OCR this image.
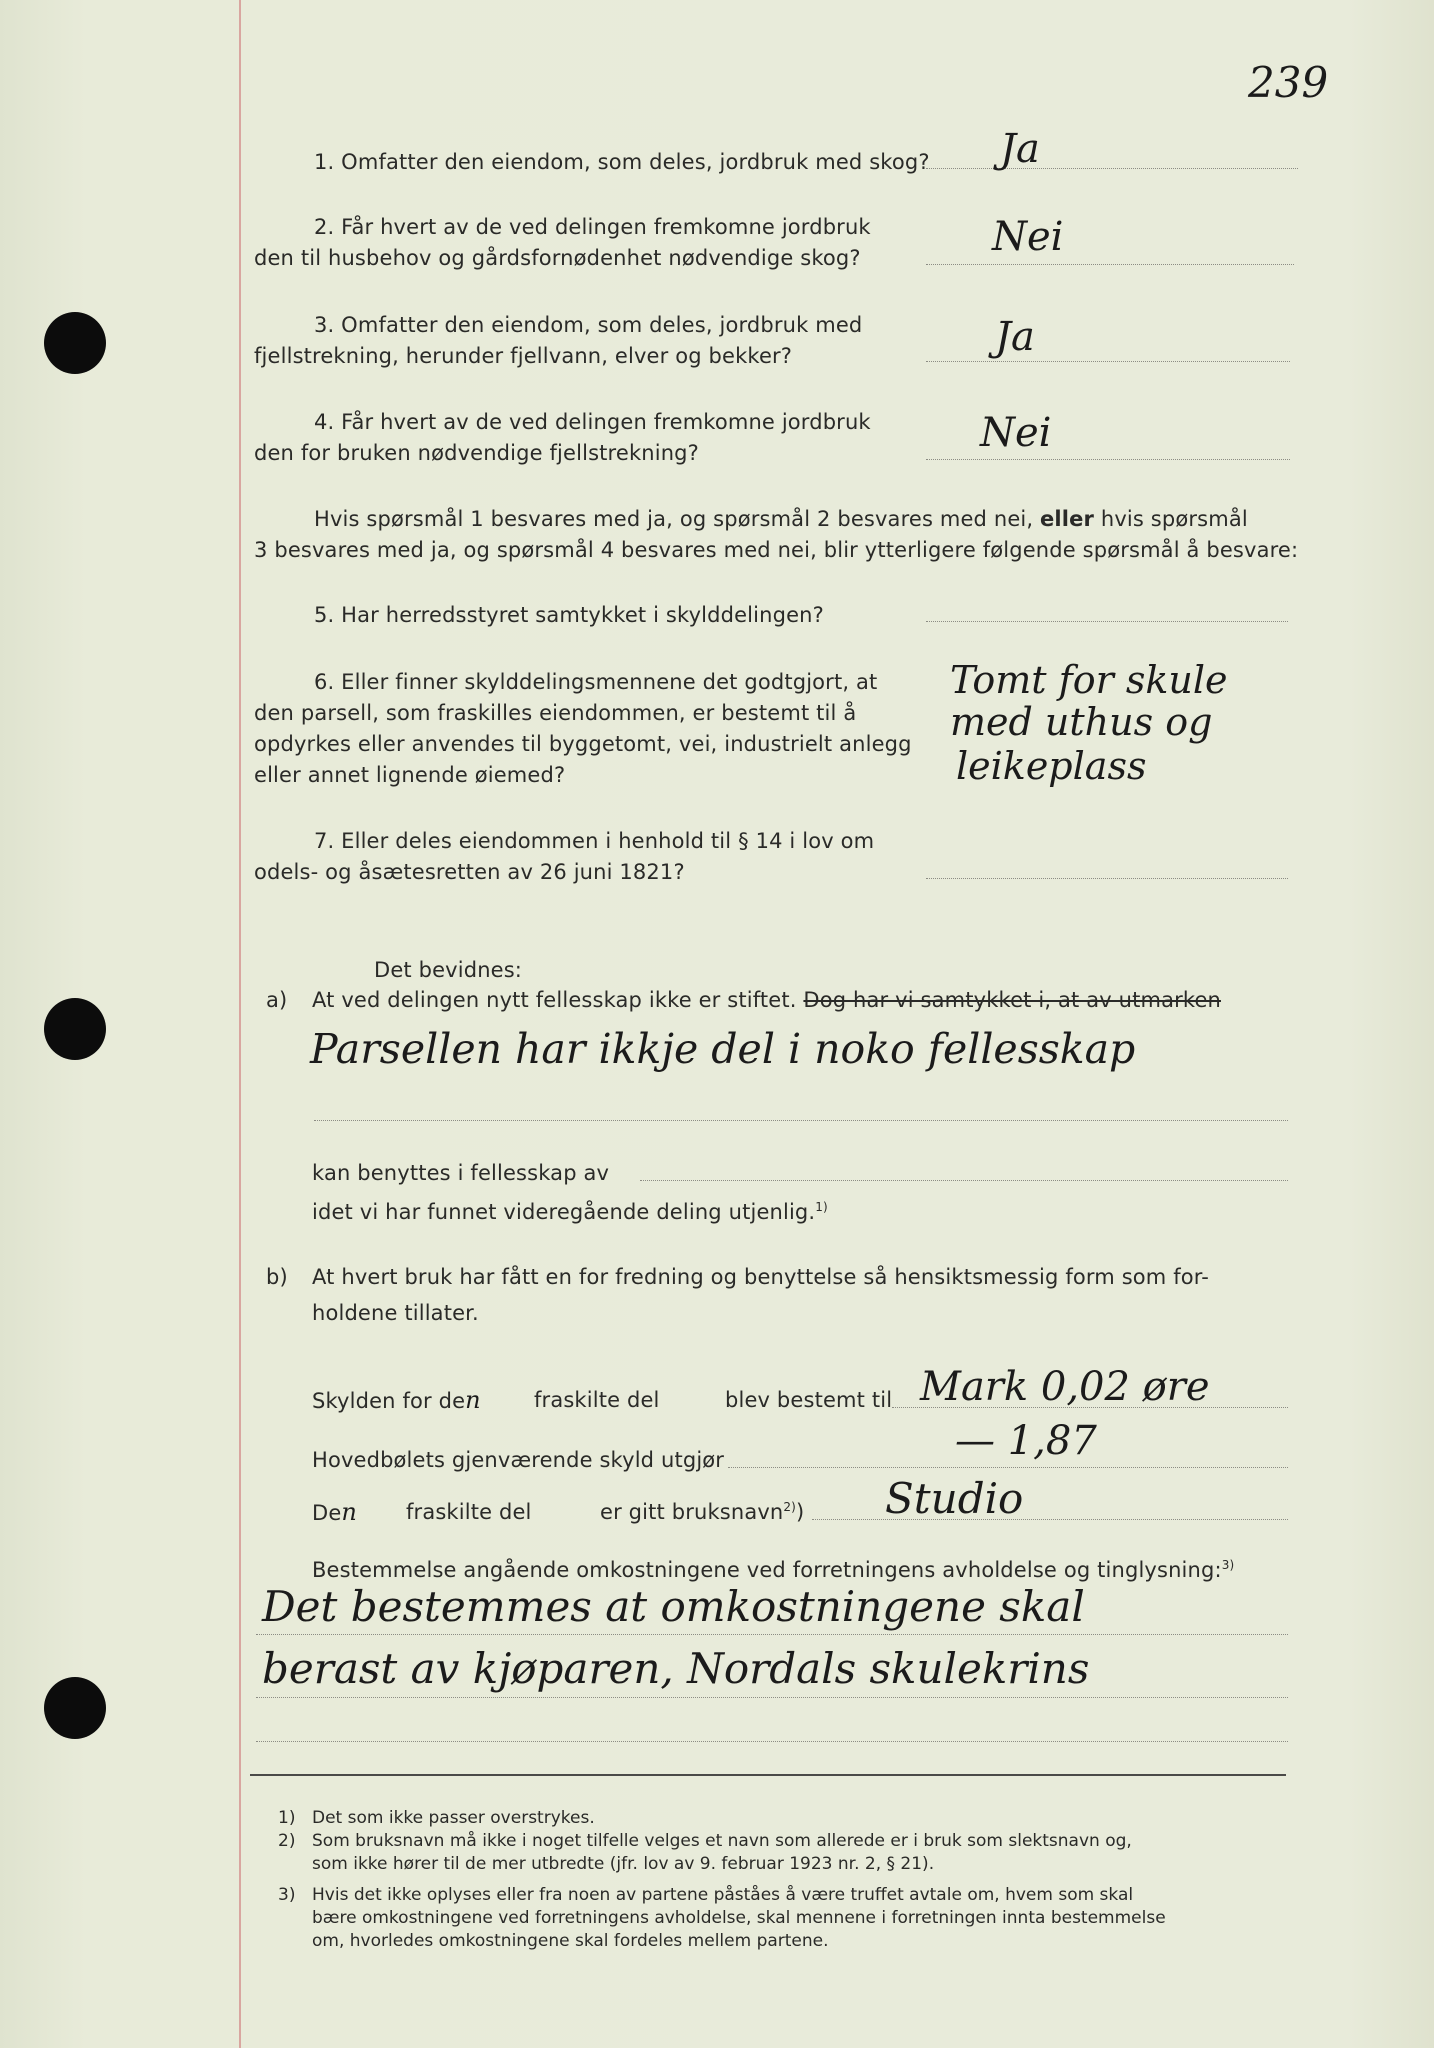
239
1. Omfatter den eiendom, som deles, jordbruk med skog? Ja
2. Får hvert av de ved delingen fremkomne jordbruk
den til husbehov og gårdsfornødenhet nødvendige skog?	Nei
3. Omfatter den eiendom, som deles, jordbruk med
fjellstrekning, herunder fjellvann, elver og bekker?	Ja
4. Får hvert av de ved delingen fremkomne jordbruk
den for bruken nødvendige fjellstrekning?	Nei
Hvis spørsmål 1 besvares med ja, og spørsmål 2 besvares med nei, eller hvis spørsmål
3 besvares med ja, og spørsmål 4 besvares med nei, blir ytterligere følgende spørsmål å besvare:
5. Har herredsstyret samtykket i skylddelingen?
6. Eller finner skylddelingsmennene det godtgjort, at
den parsell, som fraskilles eiendommen, er bestemt til å
opdyrkes eller anvendes til byggetomt, vei, industrielt anlegg
eller annet lignende øiemed?
Tomt for skule
med uthus og
leikeplass
7. Eller deles eiendommen i henhold til § 14 i lov om
odels- og åsætesretten av 26 juni 1821?
Det bevidnes:
a) At ved delingen nytt fellesskap ikke er stiftet. Dog har vi samtykket i, at av utmarken
Parsellen har ikkje del i noko fellesskap
kan benyttes i fellesskap av
idet vi har funnet videregående deling utjenlig.$^{1)}$
b) At hvert bruk har fått en for fredning og benyttelse så hensiktsmessig form som for-
holdene tillater.
Skylden for den	fraskilte del	blev bestemt til Mark 0,02 øre
Hovedbølets gjenværende skyld utgjør	— 1,87
Den fraskilte del	er gitt bruksnavn$^{2)}$) Studio
Bestemmelse angående omkostningene ved forretningens avholdelse og tinglysning:$^{3)}$
Det bestemmes at omkostningene skal
berast av kjøparen, Nordals skulekrins
1) Det som ikke passer overstrykes.
2) Som bruksnavn må ikke i noget tilfelle velges et navn som allerede er i bruk som slektsnavn og,
som ikke hører til de mer utbredte (jfr. lov av 9. februar 1923 nr. 2, § 21).
3) Hvis det ikke oplyses eller fra noen av partene påståes å være truffet avtale om, hvem som skal
bære omkostningene ved forretningens avholdelse, skal mennene i forretningen innta bestemmelse
om, hvorledes omkostningene skal fordeles mellem partene.
